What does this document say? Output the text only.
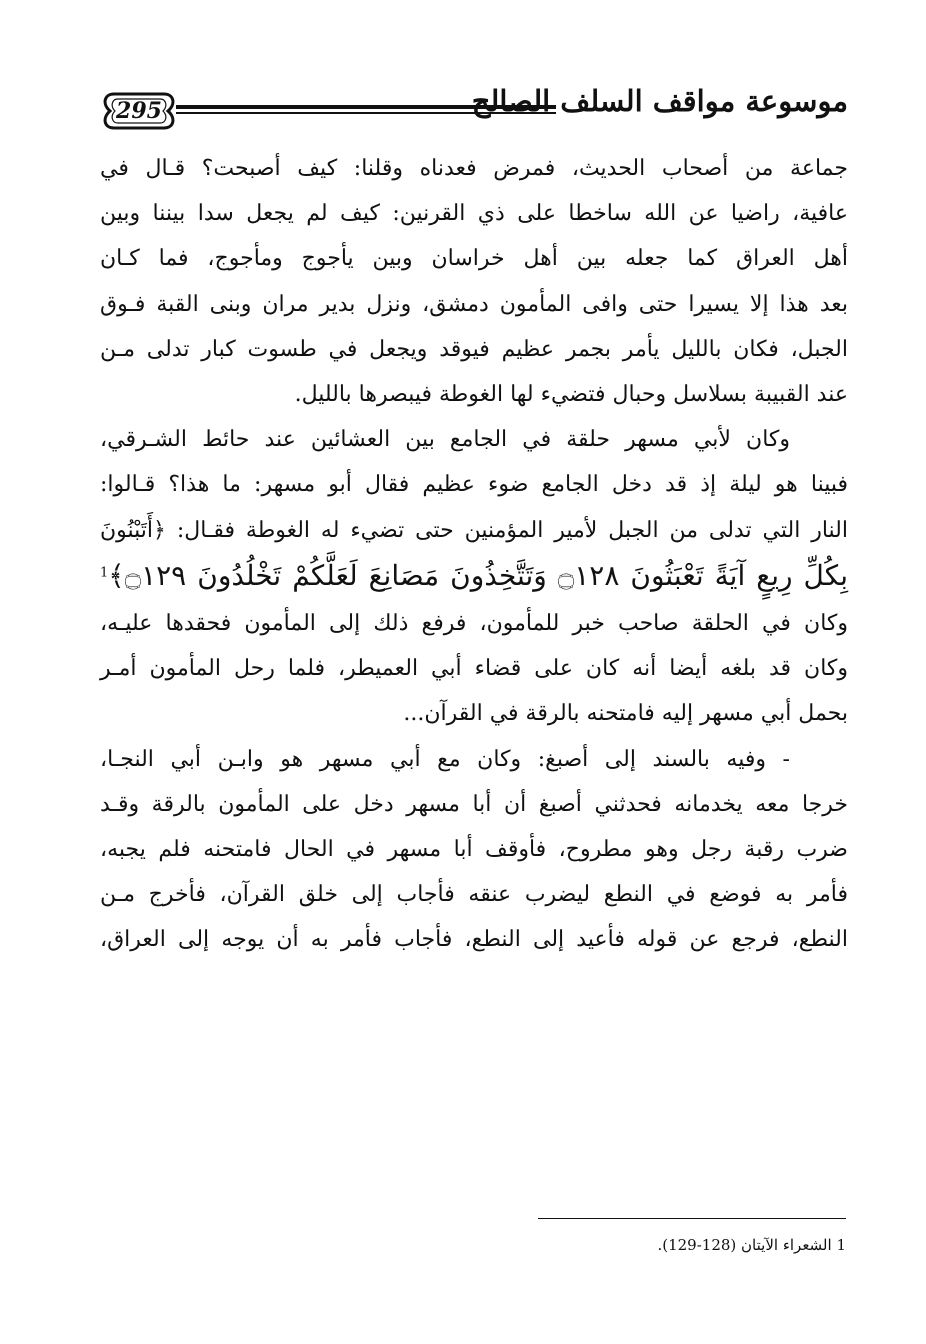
295	موسوعة مواقف السلف الصالح
جماعة من أصحاب الحديث، فمرض فعدناه وقلنا: كيف أصبحت؟ قـال في
عافية، راضيا عن الله ساخطا على ذي القرنين: كيف لم يجعل سدا بيننا وبين
أهل العراق كما جعله بين أهل خراسان وبين يأجوج ومأجوج، فما كـان
بعد هذا إلا يسيرا حتى وافى المأمون دمشق، ونزل بدير مران وبنى القبة فـوق
الجبل، فكان بالليل يأمر بجمر عظيم فيوقد ويجعل في طسوت كبار تدلى مـن
عند القبيبة بسلاسل وحبال فتضيء لها الغوطة فيبصرها بالليل.
وكان لأبي مسهر حلقة في الجامع بين العشائين عند حائط الشـرقي،
فبينا هو ليلة إذ قد دخل الجامع ضوء عظيم فقال أبو مسهر: ما هذا؟ قـالوا:
النار التي تدلى من الجبل لأمير المؤمنين حتى تضيء له الغوطة فقـال: ﴿أَتَبْنُونَ
بِكُلِّ رِيعٍ آيَةً تَعْبَثُونَ ۝١٢٨ وَتَتَّخِذُونَ مَصَانِعَ لَعَلَّكُمْ تَخْلُدُونَ ۝١٢٩﴾$^1$
وكان في الحلقة صاحب خبر للمأمون، فرفع ذلك إلى المأمون فحقدها عليـه،
وكان قد بلغه أيضا أنه كان على قضاء أبي العميطر، فلما رحل المأمون أمـر
بحمل أبي مسهر إليه فامتحنه بالرقة في القرآن...
- وفيه بالسند إلى أصبغ: وكان مع أبي مسهر هو وابـن أبي النجـا،
خرجا معه يخدمانه فحدثني أصبغ أن أبا مسهر دخل على المأمون بالرقة وقـد
ضرب رقبة رجل وهو مطروح، فأوقف أبا مسهر في الحال فامتحنه فلم يجبه،
فأمر به فوضع في النطع ليضرب عنقه فأجاب إلى خلق القرآن، فأخرج مـن
النطع، فرجع عن قوله فأعيد إلى النطع، فأجاب فأمر به أن يوجه إلى العراق،
1 الشعراء الآيتان (128-129).
